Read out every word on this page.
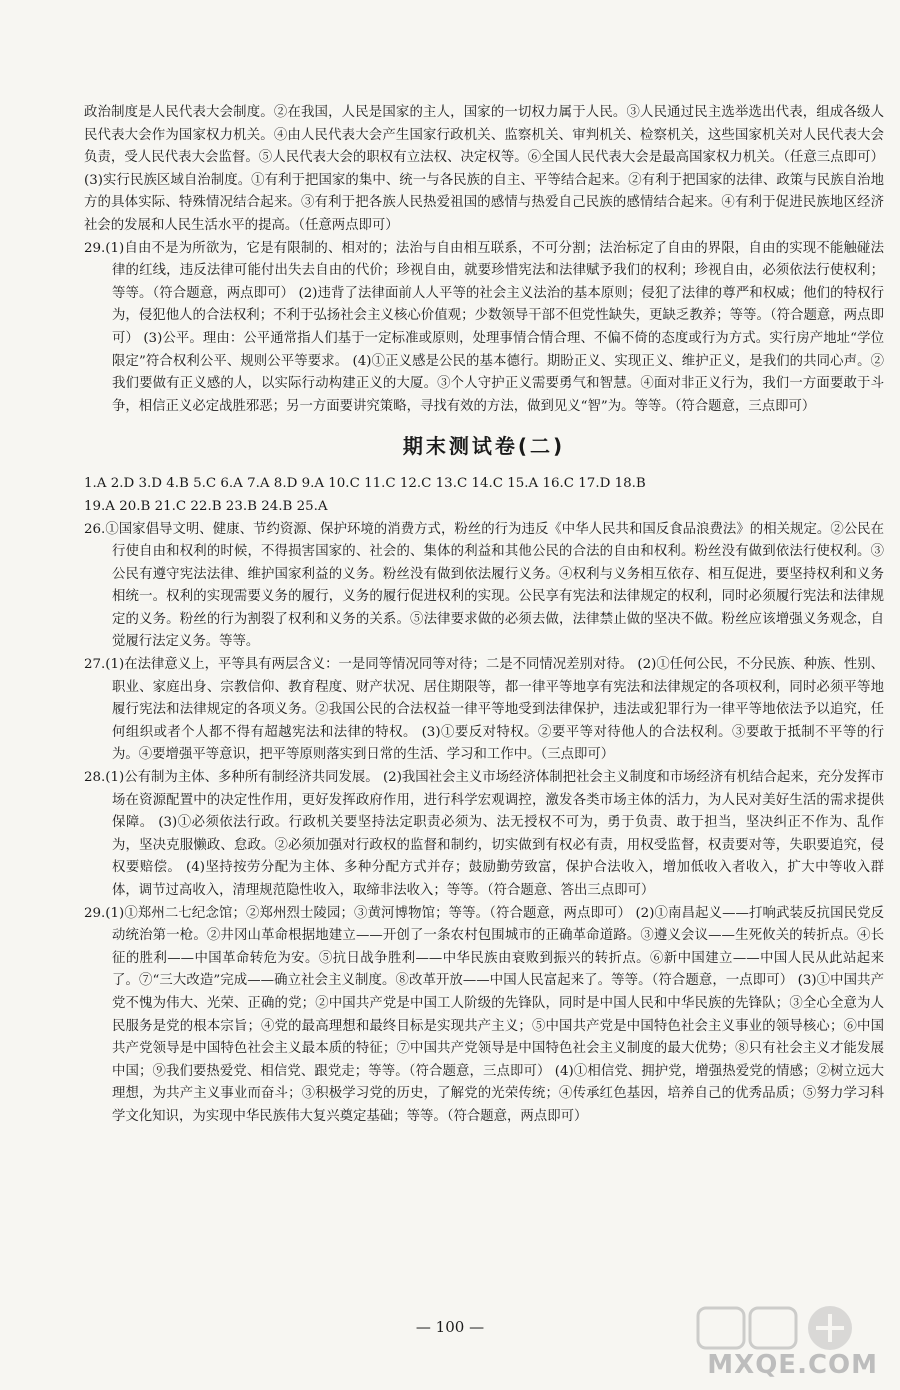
政治制度是人民代表大会制度。②在我国，人民是国家的主人，国家的一切权力属于人民。③人民通过民主选举选出代表，组成各级人民代表大会作为国家权力机关。④由人民代表大会产生国家行政机关、监察机关、审判机关、检察机关，这些国家机关对人民代表大会负责，受人民代表大会监督。⑤人民代表大会的职权有立法权、决定权等。⑥全国人民代表大会是最高国家权力机关。（任意三点即可） (3)实行民族区域自治制度。①有利于把国家的集中、统一与各民族的自主、平等结合起来。②有利于把国家的法律、政策与民族自治地方的具体实际、特殊情况结合起来。③有利于把各族人民热爱祖国的感情与热爱自己民族的感情结合起来。④有利于促进民族地区经济社会的发展和人民生活水平的提高。（任意两点即可）

29.(1)自由不是为所欲为，它是有限制的、相对的；法治与自由相互联系，不可分割；法治标定了自由的界限，自由的实现不能触碰法律的红线，违反法律可能付出失去自由的代价；珍视自由，就要珍惜宪法和法律赋予我们的权利；珍视自由，必须依法行使权利；等等。（符合题意，两点即可） (2)违背了法律面前人人平等的社会主义法治的基本原则；侵犯了法律的尊严和权威；他们的特权行为，侵犯他人的合法权利；不利于弘扬社会主义核心价值观；少数领导干部不但党性缺失，更缺乏教养；等等。（符合题意，两点即可） (3)公平。理由：公平通常指人们基于一定标准或原则，处理事情合情合理、不偏不倚的态度或行为方式。实行房产地址“学位限定”符合权利公平、规则公平等要求。 (4)①正义感是公民的基本德行。期盼正义、实现正义、维护正义，是我们的共同心声。②我们要做有正义感的人，以实际行动构建正义的大厦。③个人守护正义需要勇气和智慧。④面对非正义行为，我们一方面要敢于斗争，相信正义必定战胜邪恶；另一方面要讲究策略，寻找有效的方法，做到见义“智”为。等等。（符合题意，三点即可）

期末测试卷(二)

1.A 2.D 3.D 4.B 5.C 6.A 7.A 8.D 9.A 10.C 11.C 12.C 13.C 14.C 15.A 16.C 17.D 18.B

19.A 20.B 21.C 22.B 23.B 24.B 25.A

26.①国家倡导文明、健康、节约资源、保护环境的消费方式，粉丝的行为违反《中华人民共和国反食品浪费法》的相关规定。②公民在行使自由和权利的时候，不得损害国家的、社会的、集体的利益和其他公民的合法的自由和权利。粉丝没有做到依法行使权利。③公民有遵守宪法法律、维护国家利益的义务。粉丝没有做到依法履行义务。④权利与义务相互依存、相互促进，要坚持权利和义务相统一。权利的实现需要义务的履行，义务的履行促进权利的实现。公民享有宪法和法律规定的权利，同时必须履行宪法和法律规定的义务。粉丝的行为割裂了权利和义务的关系。⑤法律要求做的必须去做，法律禁止做的坚决不做。粉丝应该增强义务观念，自觉履行法定义务。等等。

27.(1)在法律意义上，平等具有两层含义：一是同等情况同等对待；二是不同情况差别对待。 (2)①任何公民，不分民族、种族、性别、职业、家庭出身、宗教信仰、教育程度、财产状况、居住期限等，都一律平等地享有宪法和法律规定的各项权利，同时必须平等地履行宪法和法律规定的各项义务。②我国公民的合法权益一律平等地受到法律保护，违法或犯罪行为一律平等地依法予以追究，任何组织或者个人都不得有超越宪法和法律的特权。 (3)①要反对特权。②要平等对待他人的合法权利。③要敢于抵制不平等的行为。④要增强平等意识，把平等原则落实到日常的生活、学习和工作中。（三点即可）

28.(1)公有制为主体、多种所有制经济共同发展。 (2)我国社会主义市场经济体制把社会主义制度和市场经济有机结合起来，充分发挥市场在资源配置中的决定性作用，更好发挥政府作用，进行科学宏观调控，激发各类市场主体的活力，为人民对美好生活的需求提供保障。 (3)①必须依法行政。行政机关要坚持法定职责必须为、法无授权不可为，勇于负责、敢于担当，坚决纠正不作为、乱作为，坚决克服懒政、怠政。②必须加强对行政权的监督和制约，切实做到有权必有责，用权受监督，权责要对等，失职要追究，侵权要赔偿。 (4)坚持按劳分配为主体、多种分配方式并存；鼓励勤劳致富，保护合法收入，增加低收入者收入，扩大中等收入群体，调节过高收入，清理规范隐性收入，取缔非法收入；等等。（符合题意、答出三点即可）

29.(1)①郑州二七纪念馆；②郑州烈士陵园；③黄河博物馆；等等。（符合题意，两点即可） (2)①南昌起义——打响武装反抗国民党反动统治第一枪。②井冈山革命根据地建立——开创了一条农村包围城市的正确革命道路。③遵义会议——生死攸关的转折点。④长征的胜利——中国革命转危为安。⑤抗日战争胜利——中华民族由衰败到振兴的转折点。⑥新中国建立——中国人民从此站起来了。⑦“三大改造”完成——确立社会主义制度。⑧改革开放——中国人民富起来了。等等。（符合题意，一点即可） (3)①中国共产党不愧为伟大、光荣、正确的党；②中国共产党是中国工人阶级的先锋队，同时是中国人民和中华民族的先锋队；③全心全意为人民服务是党的根本宗旨；④党的最高理想和最终目标是实现共产主义；⑤中国共产党是中国特色社会主义事业的领导核心；⑥中国共产党领导是中国特色社会主义最本质的特征；⑦中国共产党领导是中国特色社会主义制度的最大优势；⑧只有社会主义才能发展中国；⑨我们要热爱党、相信党、跟党走；等等。（符合题意，三点即可） (4)①相信党、拥护党，增强热爱党的情感；②树立远大理想，为共产主义事业而奋斗；③积极学习党的历史，了解党的光荣传统；④传承红色基因，培养自己的优秀品质；⑤努力学习科学文化知识，为实现中华民族伟大复兴奠定基础；等等。（符合题意，两点即可）

— 100 —
MXQE.COM
